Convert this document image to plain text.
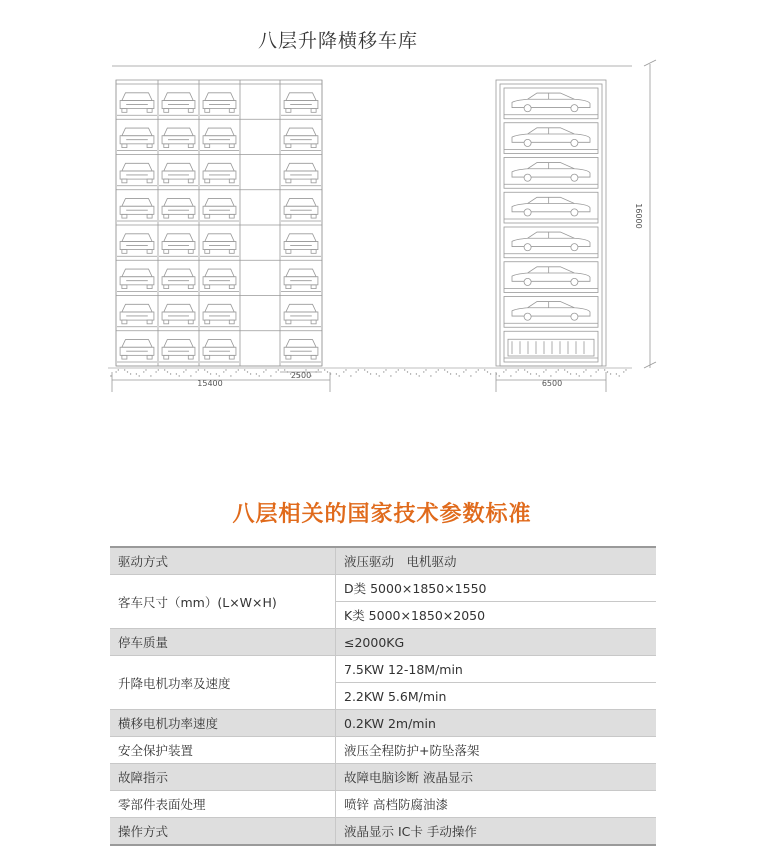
八层升降横移车库
16000
15400
2500
6500
八层相关的国家技术参数标准
驱动方式	液压驱动　电机驱动
客车尺寸（mm）(L×W×H)	D类 5000×1850×1550
	K类 5000×1850×2050
停车质量	≤2000KG
升降电机功率及速度	7.5KW 12-18M/min
	2.2KW 5.6M/min
横移电机功率速度	0.2KW 2m/min
安全保护装置	液压全程防护+防坠落架
故障指示	故障电脑诊断 液晶显示
零部件表面处理	喷锌 高档防腐油漆
操作方式	液晶显示 IC卡 手动操作
